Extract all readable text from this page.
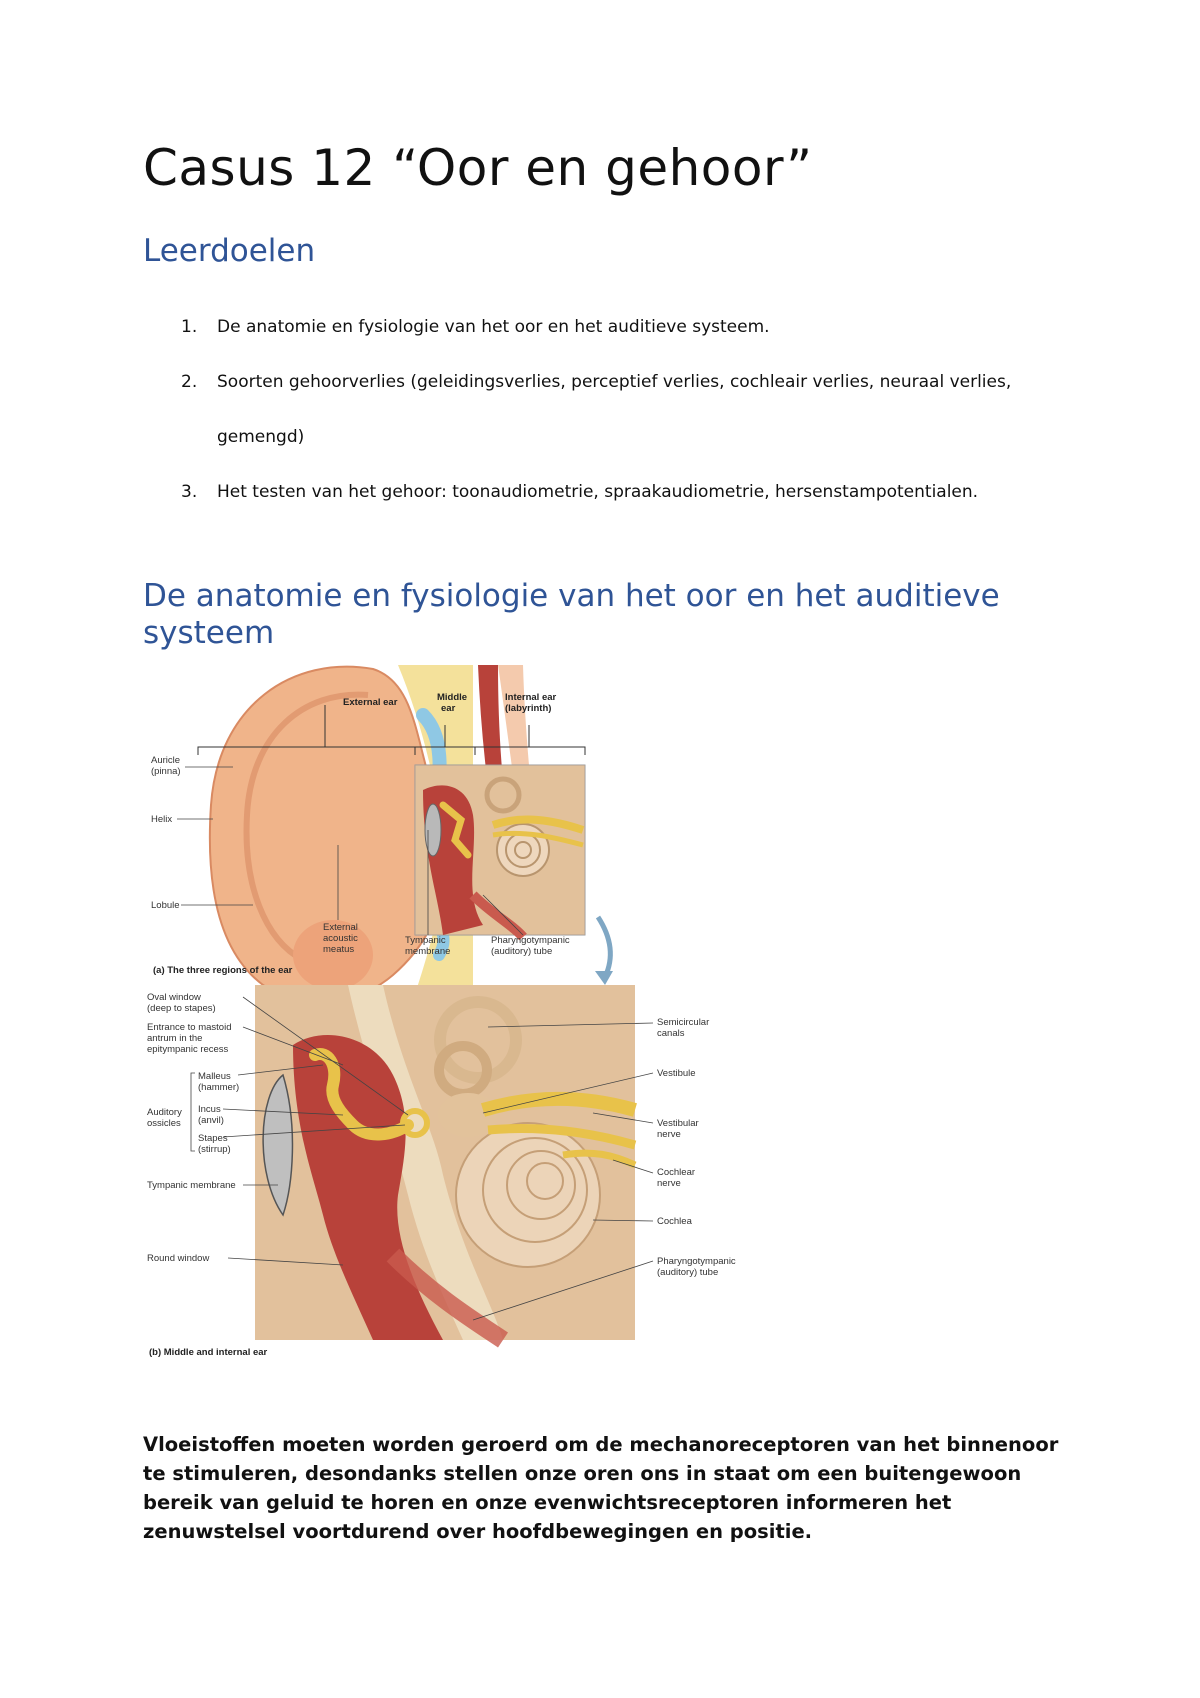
Casus 12 “Oor en gehoor”
Leerdoelen
1. De anatomie en fysiologie van het oor en het auditieve systeem.
2. Soorten gehoorverlies (geleidingsverlies, perceptief verlies, cochleair verlies, neuraal verlies, gemengd)
3. Het testen van het gehoor: toonaudiometrie, spraakaudiometrie, hersenstampotentialen.
De anatomie en fysiologie van het oor en het auditieve systeem
External ear	Middle
ear
Internal ear
(labyrinth)
Auricle
(pinna)
Helix
Lobule
External
acoustic
meatus
Tympanic
membrane
Pharyngotympanic
(auditory) tube
(a) The three regions of the ear
Oval window
(deep to stapes)
Entrance to mastoid
antrum in the
epitympanic recess
Malleus
(hammer)
Auditory
ossicles
Incus
(anvil)
Stapes
(stirrup)
Tympanic membrane
Round window
Semicircular
canals
Vestibule
Vestibular
nerve
Cochlear
nerve
Cochlea
Pharyngotympanic
(auditory) tube
(b) Middle and internal ear

Vloeistoffen moeten worden geroerd om de mechanoreceptoren van het binnenoor te stimuleren, desondanks stellen onze oren ons in staat om een buitengewoon bereik van geluid te horen en onze evenwichtsreceptoren informeren het zenuwstelsel voortdurend over hoofdbewegingen en positie.
